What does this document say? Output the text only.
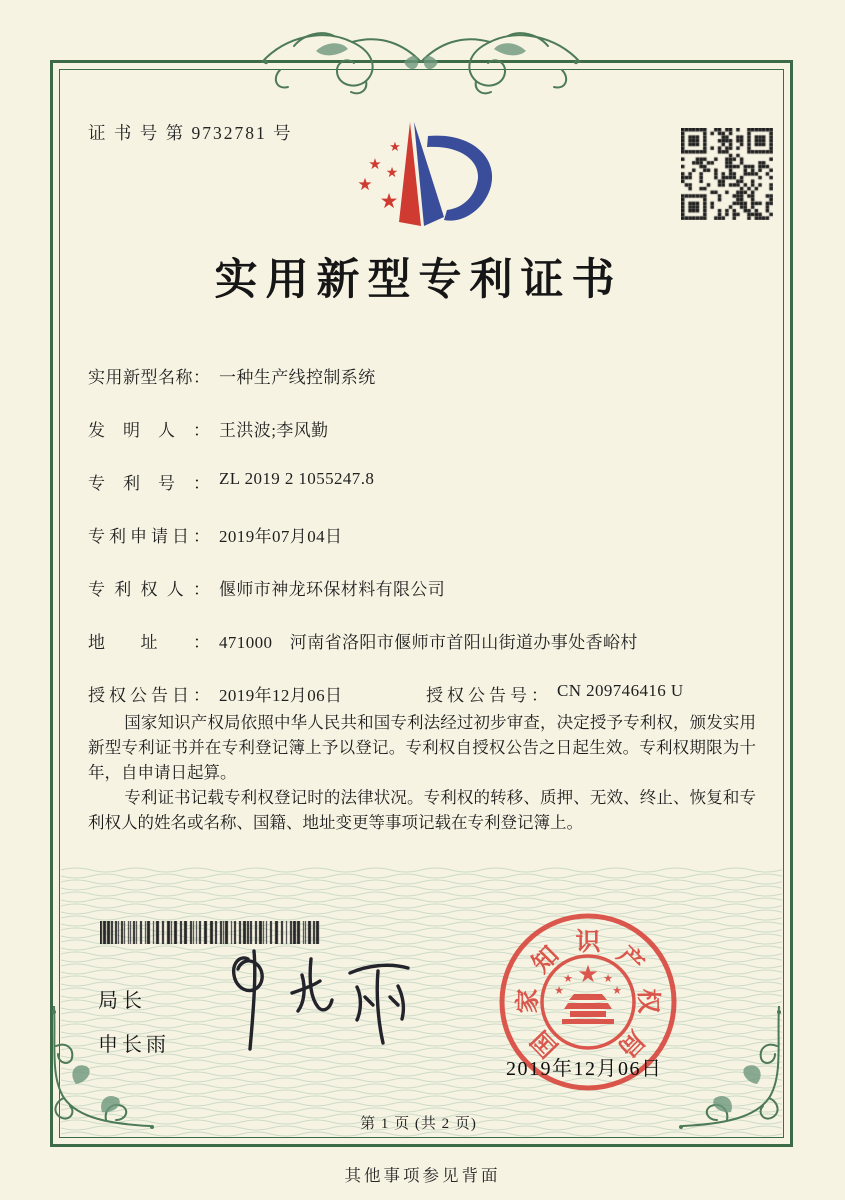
证 书 号 第 9732781 号
★
★ ★
★
★
实用新型专利证书
实用新型名称： 一种生产线控制系统
发明人： 王洪波;李风勤
专利号： ZL 2019 2 1055247.8
专利申请日： 2019年07月04日
专利权人： 偃师市神龙环保材料有限公司
地址： 471000　河南省洛阳市偃师市首阳山街道办事处香峪村
授权公告日： 2019年12月06日	授权公告号： CN 209746416 U

国家知识产权局依照中华人民共和国专利法经过初步审查，决定授予专利权，颁发实用新型专利证书并在专利登记簿上予以登记。专利权自授权公告之日起生效。专利权期限为十年，自申请日起算。

专利证书记载专利权登记时的法律状况。专利权的转移、质押、无效、终止、恢复和专利权人的姓名或名称、国籍、地址变更等事项记载在专利登记簿上。

局长
申长雨	国
家
知 识 产
权
局
★
★	★
★	★
2019年12月06日
第 1 页 (共 2 页)
其他事项参见背面
